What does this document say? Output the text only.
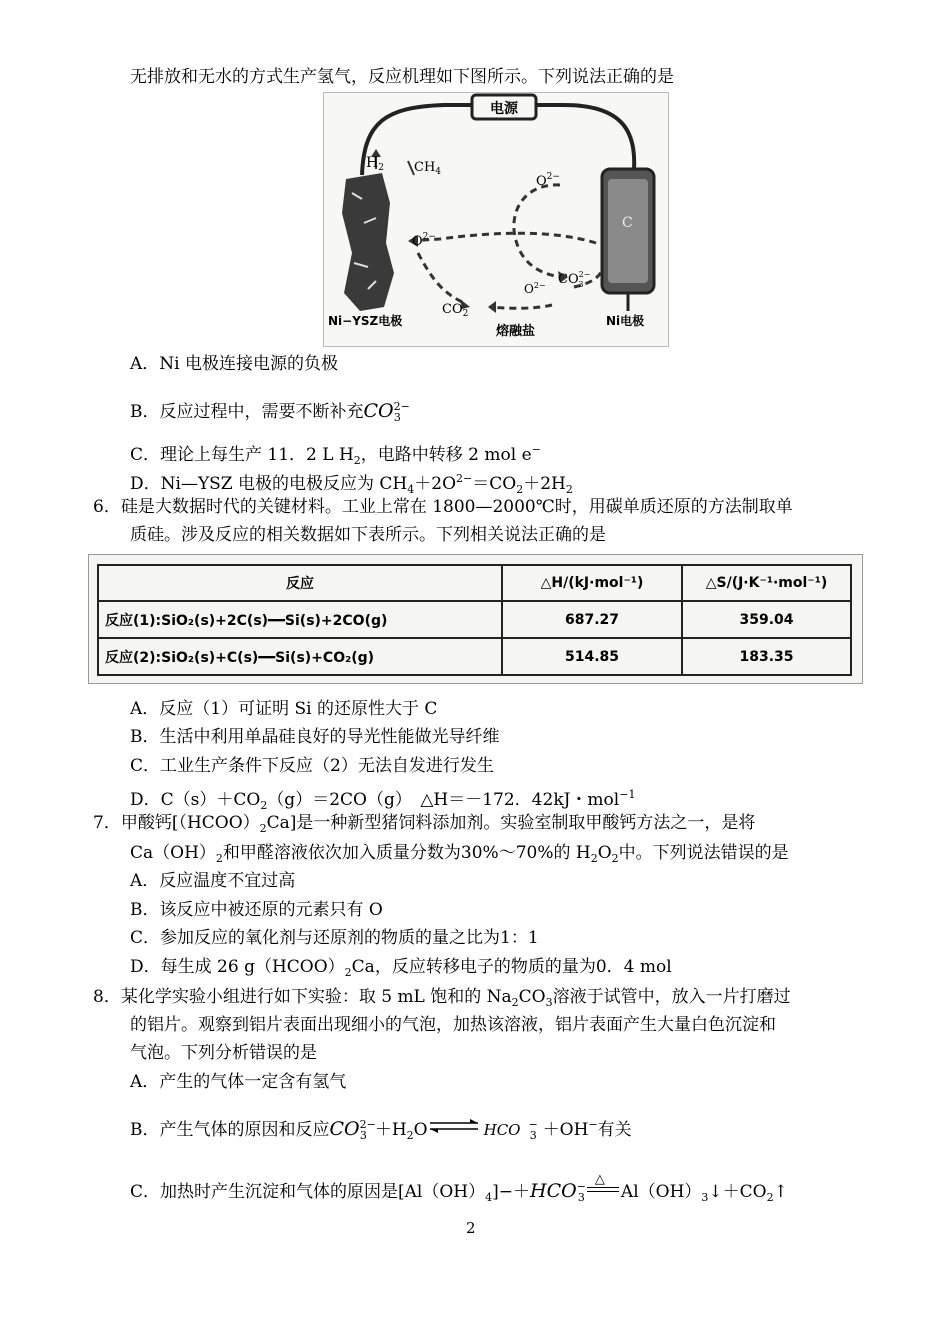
无排放和无水的方式生产氢气，反应机理如下图所示。下列说法正确的是
电源
$H_2$ $CH_4$
$O^{2-}$
$O^{2-}$
$O^{2-}$ $CO^{2-}$ 3
$CO_2$
C
Ni−YSZ电极
熔融盐
Ni电极
A．Ni 电极连接电源的负极
B．反应过程中，需要不断补充$CO^{2-}_3$
C．理论上每生产 11．2 L $H_2$，电路中转移 2 mol e−
D．Ni—YSZ 电极的电极反应为 $CH_4+2O^{2-}=CO_2+2H_2$
6．硅是大数据时代的关键材料。工业上常在 1800—2000℃时，用碳单质还原的方法制取单
质硅。涉及反应的相关数据如下表所示。下列相关说法正确的是
反应	△H/(kJ·mol⁻¹)	△S/(J·K⁻¹·mol⁻¹)
反应(1):SiO₂(s)+2C(s)━━Si(s)+2CO(g)	687.27	359.04
反应(2):SiO₂(s)+C(s)━━Si(s)+CO₂(g)	514.85	183.35
A．反应（1）可证明 Si 的还原性大于 C
B．生活中利用单晶硅良好的导光性能做光导纤维
C．工业生产条件下反应（2）无法自发进行发生
D．$C(s)+CO_2(g)=2CO(g)$　△H＝－172．42kJ・mol$^{-1}$
7．甲酸钙$[(HCOO)_2Ca]$是一种新型猪饲料添加剂。实验室制取甲酸钙方法之一，是将
$Ca(OH)_2$和甲醛溶液依次加入质量分数为30%～70%的 $H_2O_2$中。下列说法错误的是
A．反应温度不宜过高
B．该反应中被还原的元素只有 O
C．参加反应的氧化剂与还原剂的物质的量之比为1：1
D．每生成 26 $g(HCOO)_2Ca$，反应转移电子的物质的量为0．4 mol
8．某化学实验小组进行如下实验：取 5 mL 饱和的 $Na_2CO_3$溶液于试管中，放入一片打磨过
的铝片。观察到铝片表面出现细小的气泡，加热该溶液，铝片表面产生大量白色沉淀和
气泡。下列分析错误的是
A．产生的气体一定含有氢气
B．产生气体的原因和反应$CO^{2-}_3$ $+H_2O\rightleftharpoons$ HCO −$_3$ ＋OH−有关
C．加热时产生沉淀和气体的原因是$[Al(OH)_4]-+HCO^-_3$
△
$Al(OH)_3↓+CO_2↑$
2
